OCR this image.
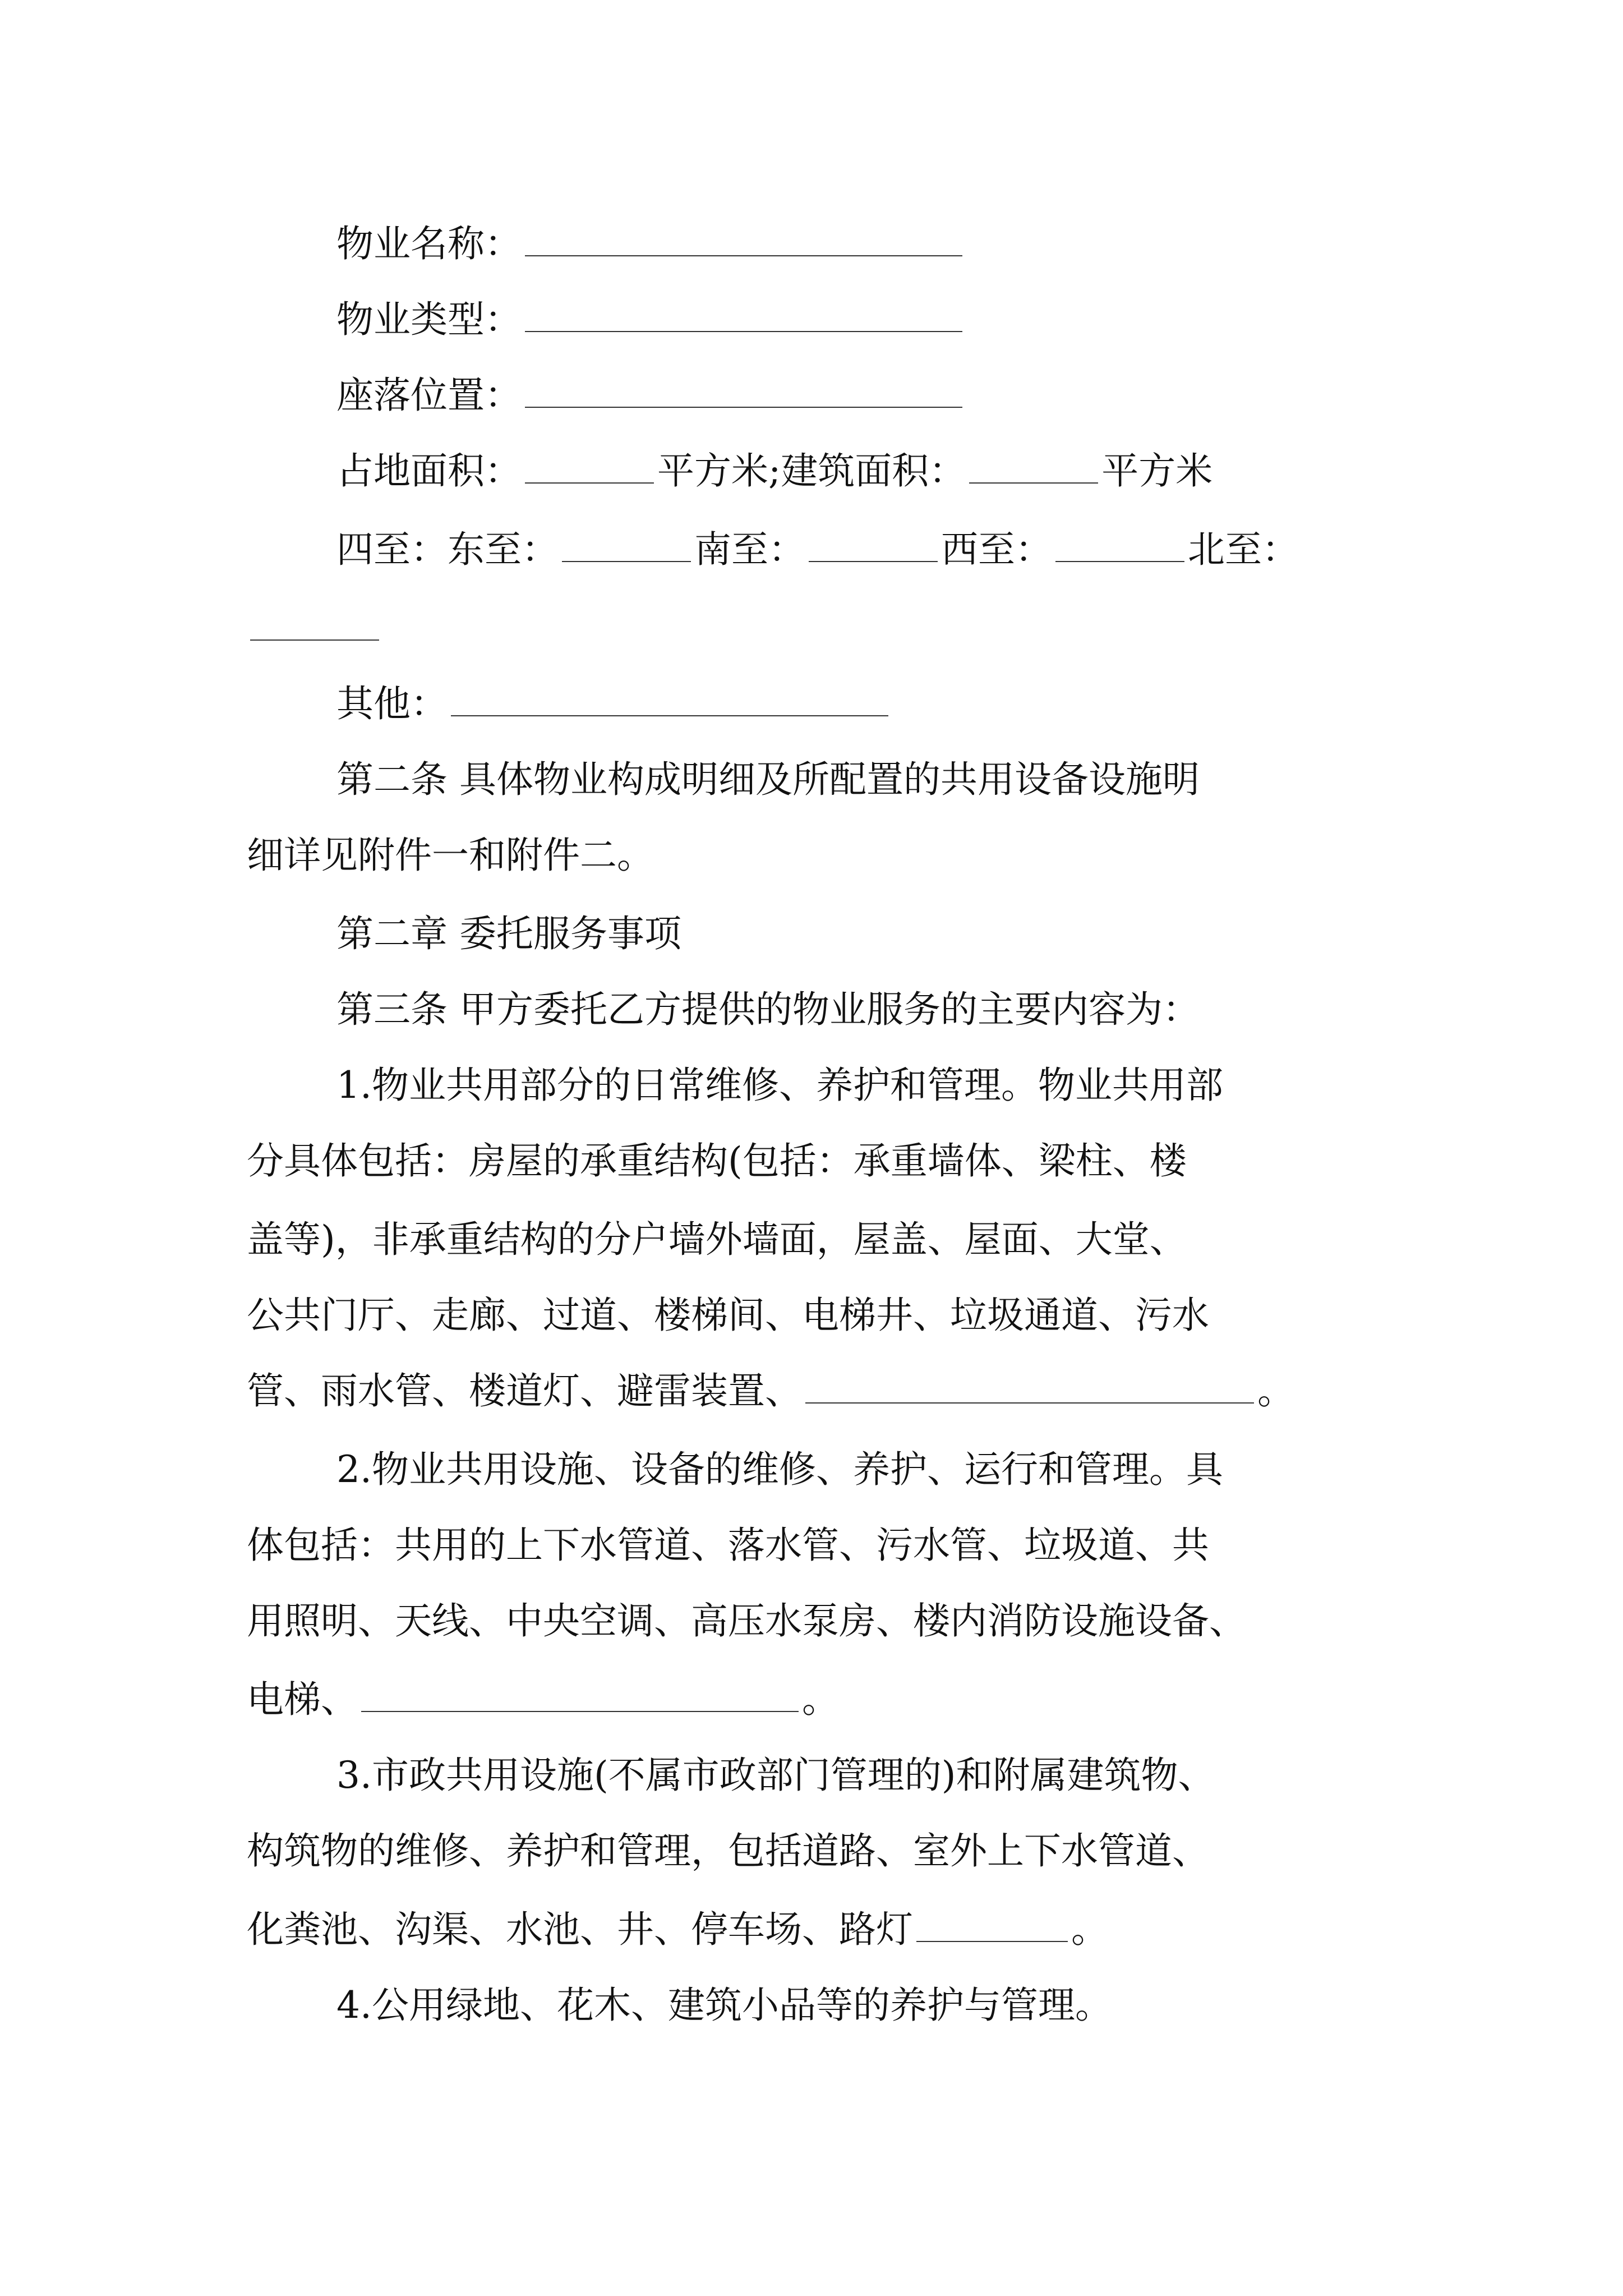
物业名称：
物业类型：
座落位置：
占地面积：	平方米;建筑面积：	平方米
四至：东至：	南至：	西至：	北至：
其他：
第二条 具体物业构成明细及所配置的共用设备设施明
细详见附件一和附件二。
第二章 委托服务事项
第三条 甲方委托乙方提供的物业服务的主要内容为：
1.物业共用部分的日常维修、养护和管理。物业共用部
分具体包括：房屋的承重结构(包括：承重墙体、梁柱、楼
盖等)，非承重结构的分户墙外墙面，屋盖、屋面、大堂、
公共门厅、走廊、过道、楼梯间、电梯井、垃圾通道、污水
管、雨水管、楼道灯、避雷装置、	。
2.物业共用设施、设备的维修、养护、运行和管理。具
体包括：共用的上下水管道、落水管、污水管、垃圾道、共
用照明、天线、中央空调、高压水泵房、楼内消防设施设备、
电梯、	。
3.市政共用设施(不属市政部门管理的)和附属建筑物、
构筑物的维修、养护和管理，包括道路、室外上下水管道、
化粪池、沟渠、水池、井、停车场、路灯	。
4.公用绿地、花木、建筑小品等的养护与管理。
